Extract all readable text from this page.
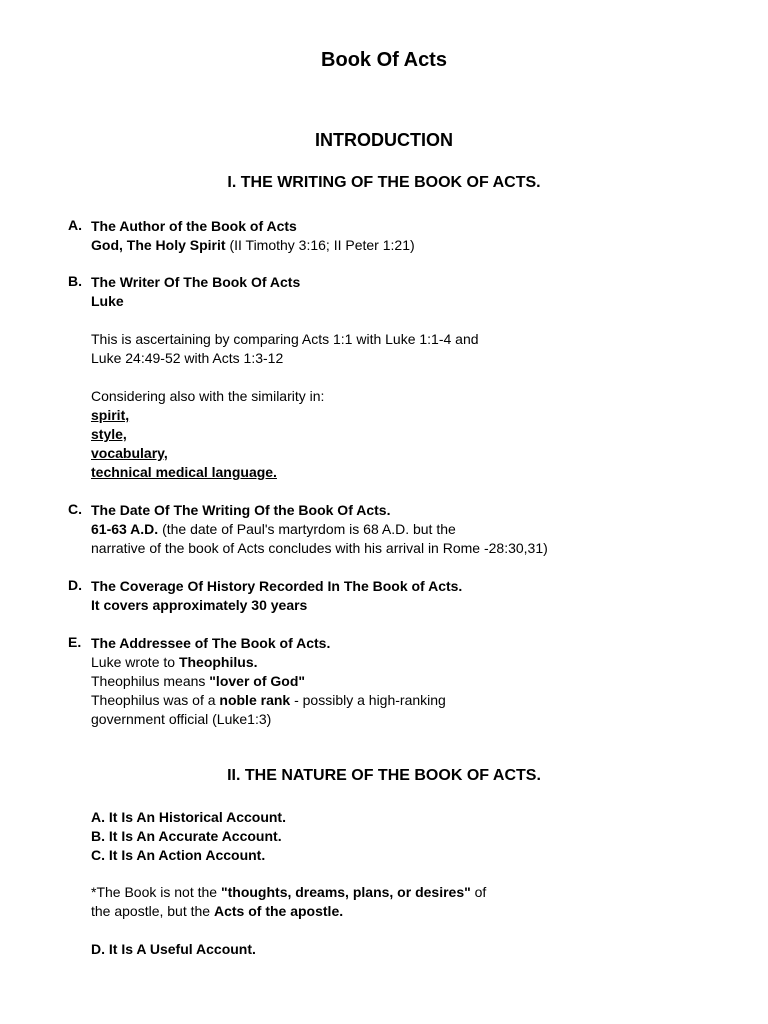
Book Of Acts
INTRODUCTION
I. THE WRITING OF THE BOOK OF ACTS.
A. The Author of the Book of Acts
God, The Holy Spirit (II Timothy 3:16; II Peter 1:21)
B. The Writer Of The Book Of Acts
Luke
This is ascertaining by comparing Acts 1:1 with Luke 1:1-4 and
Luke 24:49-52 with Acts 1:3-12
Considering also with the similarity in:
spirit,
style,
vocabulary,
technical medical language.
C. The Date Of The Writing Of the Book Of Acts.
61-63 A.D. (the date of Paul's martyrdom is 68 A.D. but the
narrative of the book of Acts concludes with his arrival in Rome -28:30,31)
D. The Coverage Of History Recorded In The Book of Acts.
It covers approximately 30 years
E. The Addressee of The Book of Acts.
Luke wrote to Theophilus.
Theophilus means "lover of God"
Theophilus was of a noble rank - possibly a high-ranking
government official (Luke1:3)
II. THE NATURE OF THE BOOK OF ACTS.
A. It Is An Historical Account.
B. It Is An Accurate Account.
C. It Is An Action Account.
*The Book is not the "thoughts, dreams, plans, or desires" of
the apostle, but the Acts of the apostle.
D. It Is A Useful Account.
